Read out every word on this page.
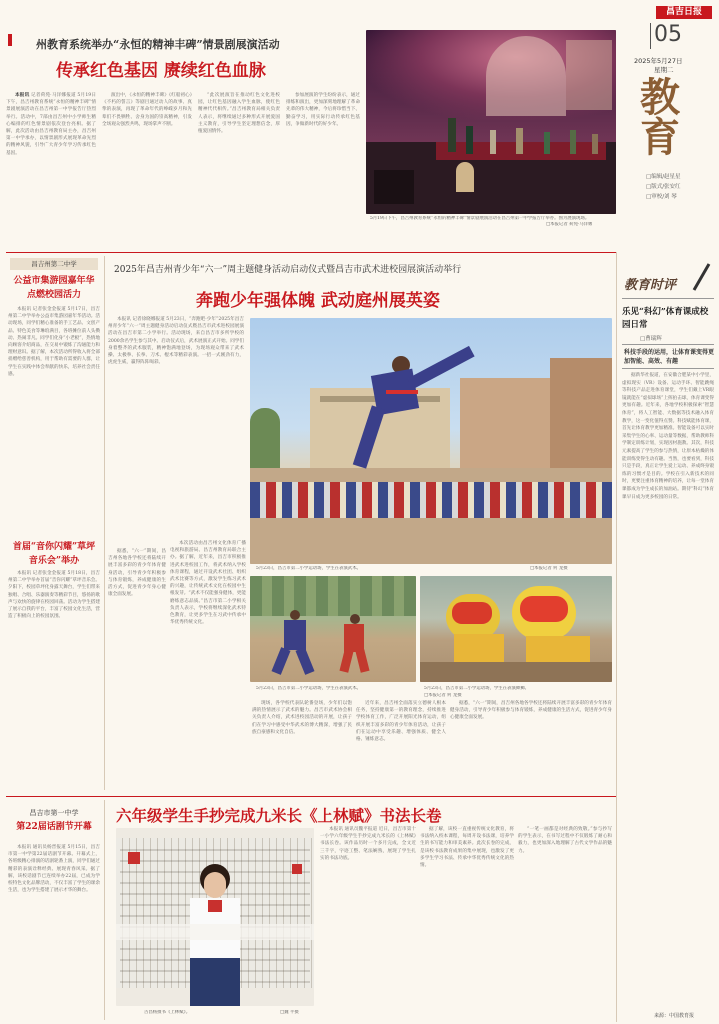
昌吉日报
05
2025年5月27日
星期二
教育
□编辑/赵星星
□版式/张安红
□审校/刘 琴
州教育系统举办“永恒的精神丰碑”情景剧展演活动
传承红色基因 赓续红色血脉

本报讯 记者荷苑·马洋娜报道 5月19日下午，昌吉州教育系统“永恒的精神丰碑”情景剧展演活动在昌吉州第一中学报告厅热烈举行。活动中，7部由昌吉州中小学师生精心编排的红色情景剧依次登台亮相。据了解，此次活动由昌吉州教育局主办，昌吉州第一中学承办，以情景剧形式展现革命先烈的精神风貌，引导广大青少年学习传承红色基因。

演出中，《永恒的精神丰碑》《红船初心》《不朽的誓言》等剧目通过动人的故事、真挚的表演，再现了革命年代的峥嵘岁月和先辈们不畏牺牲、舍身为国的崇高精神，引发全场观众强烈共鸣，现场掌声不断。

“此次展演旨在推动红色文化进校园，让红色基因融入学生血脉，使红色精神代代相传。”昌吉州教育局相关负责人表示，将继续通过多种形式开展爱国主义教育，引导学生坚定理想信念，厚植爱国情怀。

参加展演的学生纷纷表示，通过排练和演出，更加深刻地理解了革命先辈的伟大精神，今后将珍惜当下、勤奋学习，用实际行动传承红色基因，争做新时代的好少年。

5月19日下午，昌吉州教育系统“永恒的精神丰碑”情景剧展演活动在昌吉州第一中学报告厅举办。图为展演现场。
□本报记者 荷苑·马洋娜
昌吉州第二中学
公益市集游园嘉年华 点燃校园活力

本报讯 记者张金金报道 5月17日，昌吉州第二中学举办公益市集游园嘉年华活动。活动现场，同学们精心准备的手工艺品、文创产品、特色美食等琳琅满目，各班摊位前人头攒动、热闹非凡。同学们化身“小老板”，热情地向顾客介绍商品，在交易中锻炼了沟通能力和理财意识。据了解，本次活动所得收入将全部捐赠给慈善机构，用于帮助有需要的人群，让学生在实践中体会奉献的快乐，培养社会责任感。

首届“音你闪耀”草坪音乐会”举办

本报讯 记者张金金报道 5月18日，昌吉州第二中学举办首届“音你闪耀”草坪音乐会。夕阳下，校园草坪化身露天舞台，学生们带来独唱、合唱、乐器演奏等精彩节目，悠扬的歌声与欢快的旋律在校园回荡。活动为学生搭建了展示自我的平台，丰富了校园文化生活，营造了积极向上的校园氛围。

2025年昌吉州青少年“六一”周主题健身活动启动仪式暨昌吉市武术进校园展演活动举行
奔跑少年强体魄 武动庭州展英姿

本报讯 记者徐晓娜报道 5月23日，“奔跑吧·少年”2025年昌吉州青少年“六一”周主题健身活动启动仪式暨昌吉市武术进校园展演活动在昌吉市第二小学举行。活动现场，来自昌吉市多所学校的2000余名学生参与其中。启动仪式后，武术展演正式开始。同学们身着整齐的武术服装，精神饱满地登场，为现场观众带来了武术操、太极拳、长拳、刀术、棍术等精彩表演。一招一式刚劲有力，虎虎生威，赢得阵阵喝彩。

5月23日，昌吉市第二小学运动场，学生在表演武术。	□本报记者 何 龙摄
5月23日，昌吉市第二小学运动场，学生在表演武术。	5月23日，昌吉市第二小学运动场，学生在表演舞狮。
□本报记者 何 龙摄

本次活动由昌吉州文化体育广播电视和旅游局、昌吉州教育局联合主办。据了解，近年来，昌吉市积极推进武术进校园工作，将武术纳入学校体育课程，通过开设武术社团、组织武术比赛等方式，激发学生练习武术的兴趣，让传统武术文化在校园中生根发芽。“武术不仅能强身健体，更能磨练意志品质。”昌吉市第二小学相关负责人表示，学校将继续深化武术特色教育，让更多学生在习武中传承中华优秀传统文化。

据悉，“六一”期间，昌吉州各地各学校还将陆续开展丰富多彩的青少年体育健身活动，引导青少年积极参与体育锻炼，养成健康的生活方式，促进青少年身心健康全面发展。

现场，各学校代表队轮番登场，少年们以饱满的热情展示了武术的魅力。昌吉市武术协会相关负责人介绍，武术进校园活动的开展，让孩子们在学习中感受中华武术的博大精深，增强了民族自豪感和文化自信。

近年来，昌吉州全面落实立德树人根本任务，坚持健康第一的教育理念，持续推进学校体育工作，广泛开展阳光体育运动，组织开展丰富多彩的青少年体育活动，让孩子们在运动中享受乐趣、增强体质、健全人格、锤炼意志。

据悉，“六一”期间，昌吉州各地各学校还将陆续开展丰富多彩的青少年体育健身活动，引导青少年积极参与体育锻炼，养成健康的生活方式，促进青少年身心健康全面发展。

教育时评
乐见“科幻”体育课成校园日常
□曹瑞辉
科技手段的运用，让体育课变得更加智能、高效、有趣

据新华社报道，在安徽合肥某中小学里，虚拟现实（VR）设备、运动手环、智能跳绳等科技产品走进体育课堂，学生们戴上VR眼镜就能在“虚拟球场”上挥拍击球，体育课变得更加有趣。近年来，各地学校积极探索“智慧体育”，将人工智能、大数据等技术融入体育教学，这一变化值得点赞。科技赋能体育课，首先让体育教学更加精准。智能设备可以实时采集学生的心率、运动量等数据，帮助教师科学制定训练计划，实现因材施教。其次，科技元素提高了学生的参与热情，让原本枯燥的体能训练变得生动有趣。当然，也要看到，科技只是手段，真正让学生爱上运动、养成终身锻炼的习惯才是目的。学校在引入新技术的同时，更要注重体育精神的培养，让每一堂体育课都成为学生成长的加油站。期待“科幻”体育课早日成为更多校园的日常。

来源：中国教育报
昌吉市第一中学
第22届话剧节开幕

本报讯 通讯员杨晋报道 5月15日，昌吉市第一中学第22届话剧节开幕。开幕式上，各班级精心排演的话剧轮番上演，同学们通过精彩的表演诠释经典、展现青春风采。据了解，该校话剧节已连续举办22届，已成为学校特色文化品牌活动，不仅丰富了学生的课余生活，也为学生搭建了展示才华的舞台。

六年级学生手抄完成九米长《上林赋》书法长卷
古昌杨摄书《上林赋》。	□魏 平摄

本报讯 通讯员魏平报道 近日，昌吉市第十一小学六年级学生手抄完成九米长的《上林赋》书法长卷。该作品历时一个多月完成，全文近三千字，字迹工整、笔法娴熟，展现了学生扎实的书法功底。

据了解，该校一直重视传统文化教育，将书法纳入校本课程，每周开设书法课，培养学生的书写能力和审美素养。此次长卷的完成，是该校书法教育成果的集中展现，也激发了更多学生学习书法、传承中华优秀传统文化的热情。

“一笔一画都是对经典的致敬。”参与抄写的学生表示，在书写过程中不仅锻炼了耐心和毅力，也更加深入地理解了古代文学作品的魅力。
